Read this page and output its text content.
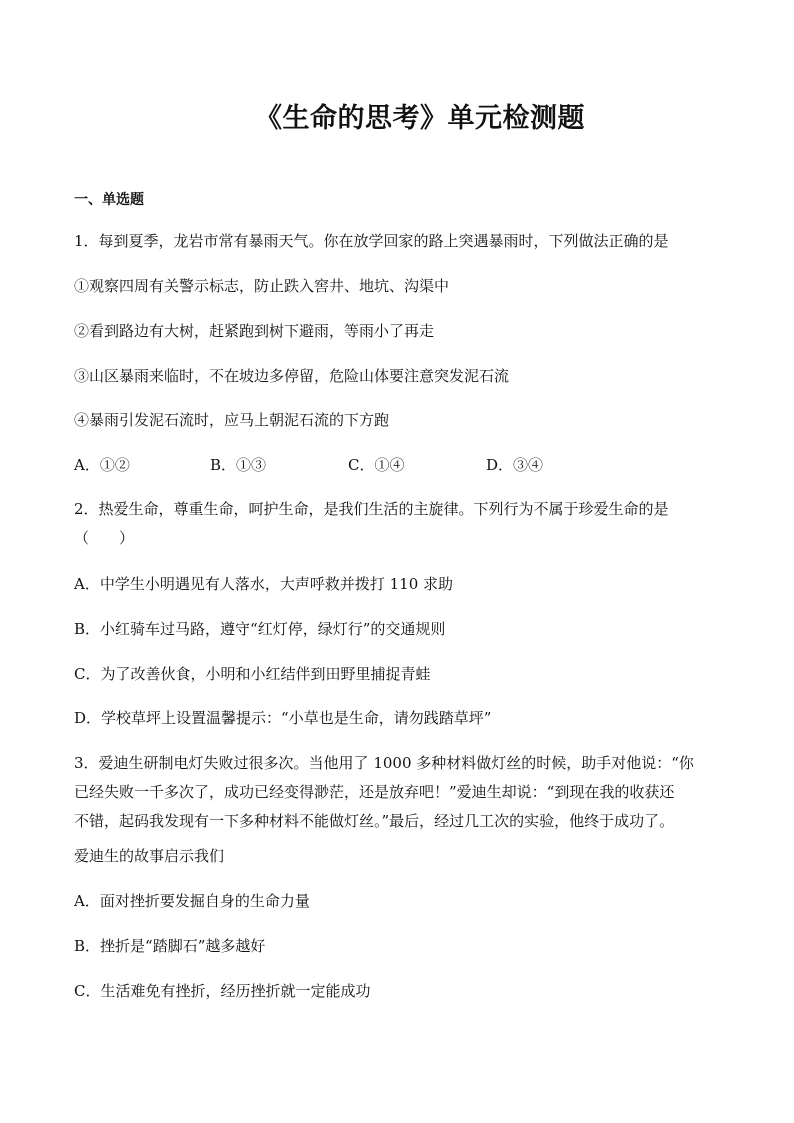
《生命的思考》单元检测题
一、单选题
1．每到夏季，龙岩市常有暴雨天气。你在放学回家的路上突遇暴雨时，下列做法正确的是
①观察四周有关警示标志，防止跌入窖井、地坑、沟渠中
②看到路边有大树，赶紧跑到树下避雨，等雨小了再走
③山区暴雨来临时，不在坡边多停留，危险山体要注意突发泥石流
④暴雨引发泥石流时，应马上朝泥石流的下方跑
A．①②	B．①③	C．①④	D．③④
2．热爱生命，尊重生命，呵护生命，是我们生活的主旋律。下列行为不属于珍爱生命的是
（　　）
A．中学生小明遇见有人落水，大声呼救并拨打 110 求助
B．小红骑车过马路，遵守“红灯停，绿灯行”的交通规则
C．为了改善伙食，小明和小红结伴到田野里捕捉青蛙
D．学校草坪上设置温馨提示：“小草也是生命，请勿践踏草坪”
3．爱迪生研制电灯失败过很多次。当他用了 1000 多种材料做灯丝的时候，助手对他说：“你
已经失败一千多次了，成功已经变得渺茫，还是放弃吧！”爱迪生却说：“到现在我的收获还
不错，起码我发现有一下多种材料不能做灯丝。”最后，经过几工次的实验，他终于成功了。
爱迪生的故事启示我们
A．面对挫折要发掘自身的生命力量
B．挫折是“踏脚石”越多越好
C．生活难免有挫折，经历挫折就一定能成功
